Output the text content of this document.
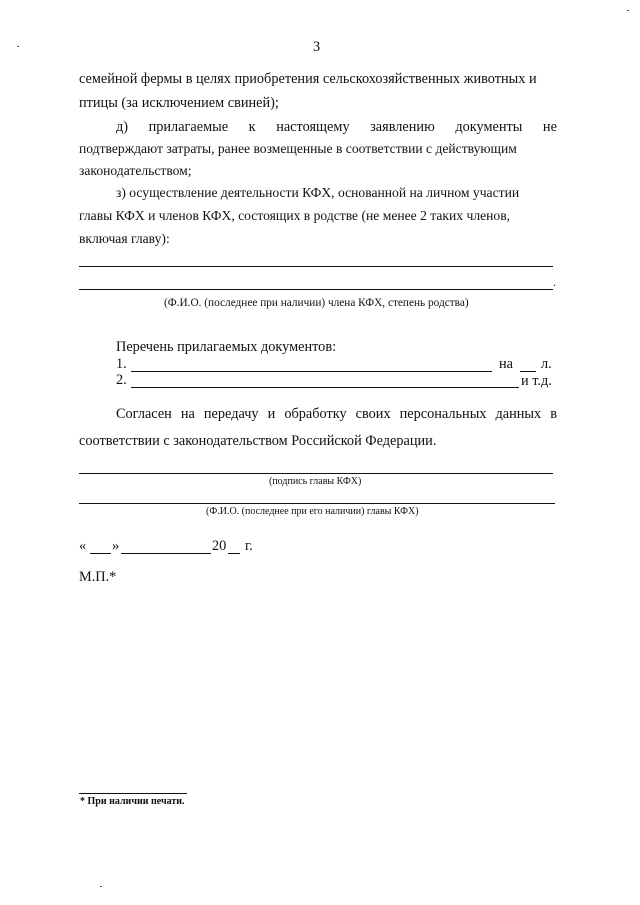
3
семейной фермы в целях приобретения сельскохозяйственных животных и
птицы (за исключением свиней);
д) прилагаемые к настоящему заявлению документы не
подтверждают затраты, ранее возмещенные в соответствии с действующим
законодательством;
з) осуществление деятельности КФХ, основанной на личном участии
главы КФХ и членов КФХ, состоящих в родстве (не менее 2 таких членов,
включая главу):
.
(Ф.И.О. (последнее при наличии) члена КФХ, степень родства)
Перечень прилагаемых документов:
1.	на л.
2.	и т.д.
Согласен на передачу и обработку своих персональных данных в
соответствии с законодательством Российской Федерации.
(подпись главы КФХ)
(Ф.И.О. (последнее при его наличии) главы КФХ)
« »	20 г.
М.П.*
* При наличии печати.
